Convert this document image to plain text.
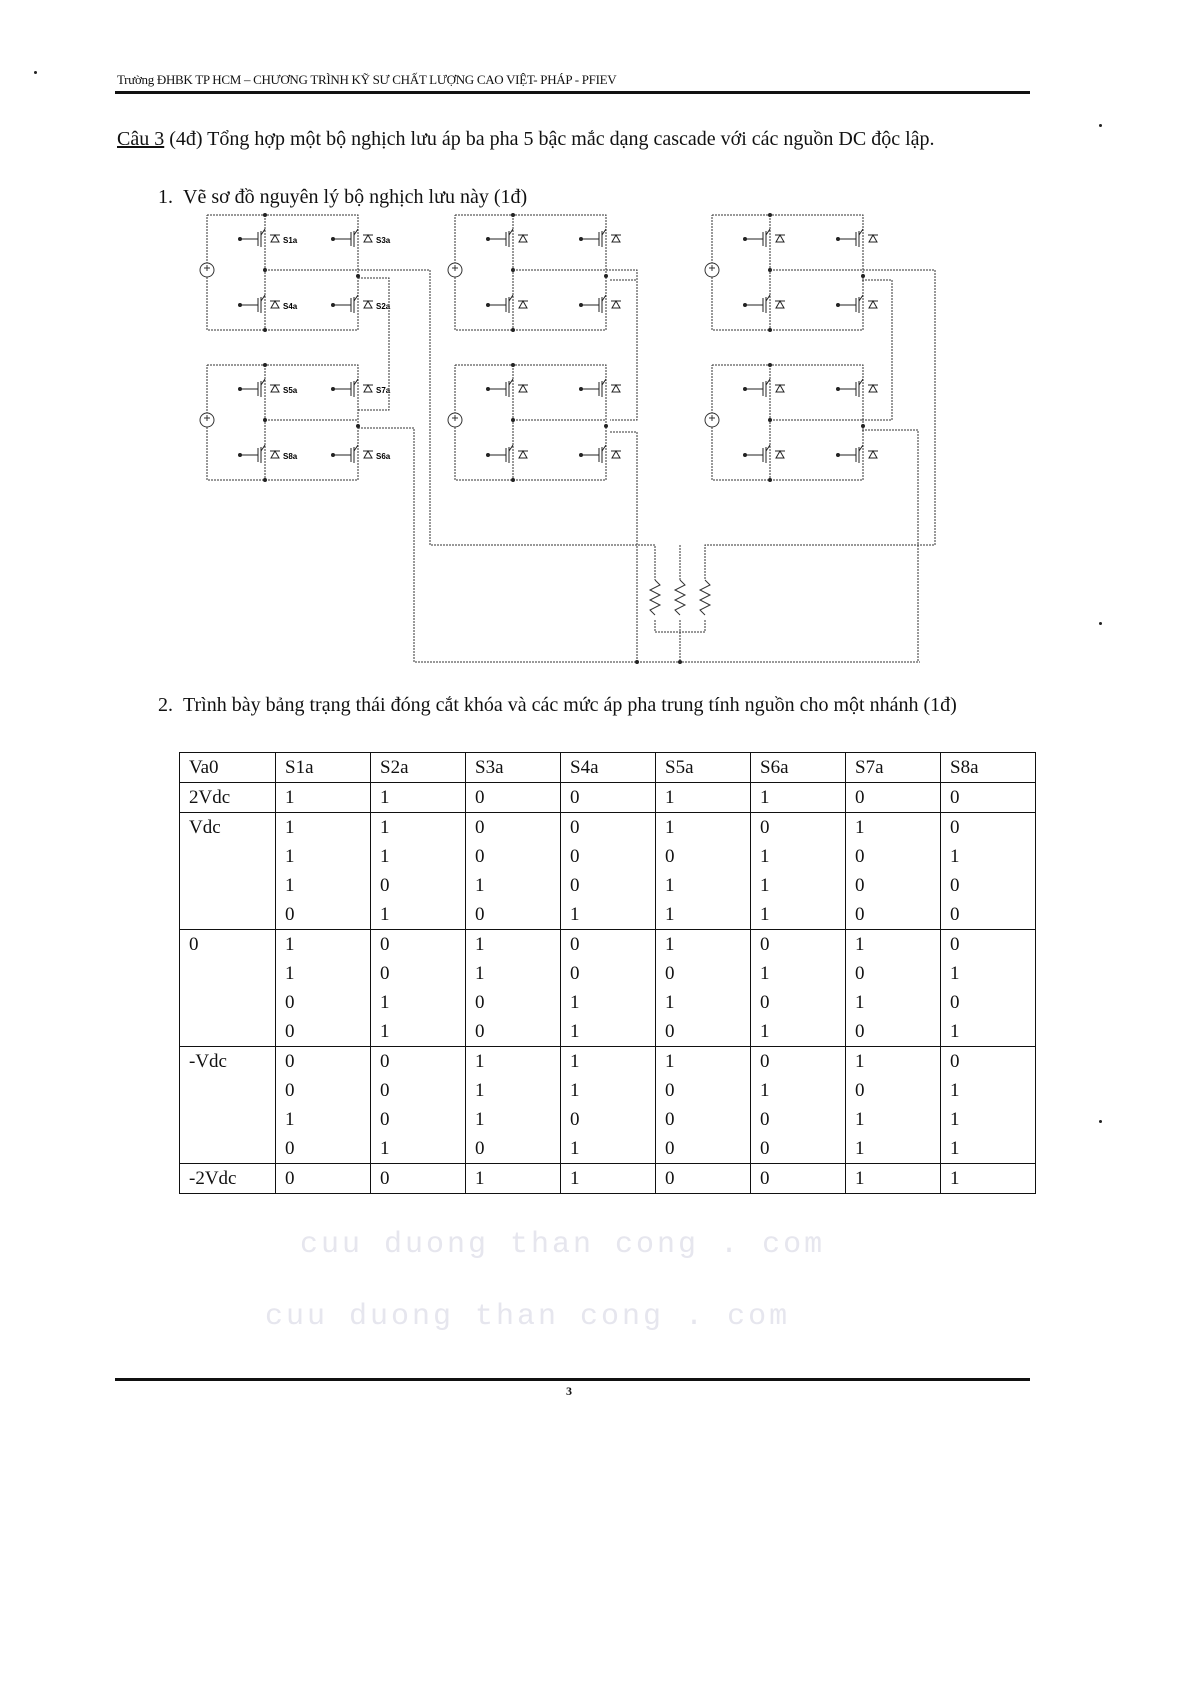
Trường ĐHBK TP HCM – CHƯƠNG TRÌNH KỸ SƯ CHẤT LƯỢNG CAO VIỆT- PHÁP - PFIEV
Câu 3 (4đ) Tổng hợp một bộ nghịch lưu áp ba pha 5 bậc mắc dạng cascade với các nguồn DC độc lập.
1. Vẽ sơ đồ nguyên lý bộ nghịch lưu này (1đ)
S1a	S3a
S4a	S2a
S5a	S7a
S8a	S6a
2. Trình bày bảng trạng thái đóng cắt khóa và các mức áp pha trung tính nguồn cho một nhánh (1đ)
Va0	S1a	S2a	S3a	S4a	S5a	S6a	S7a	S8a
2Vdc	1	1	0	0	1	1	0	0
Vdc	1	1	0	0	1	0	1	0
	1	1	0	0	0	1	0	1
	1	0	1	0	1	1	0	0
	0	1	0	1	1	1	0	0
0	1	0	1	0	1	0	1	0
	1	0	1	0	0	1	0	1
	0	1	0	1	1	0	1	0
	0	1	0	1	0	1	0	1
-Vdc	0	0	1	1	1	0	1	0
	0	0	1	1	0	1	0	1
	1	0	1	0	0	0	1	1
	0	1	0	1	0	0	1	1
-2Vdc	0	0	1	1	0	0	1	1
cuu duong than cong . com
cuu duong than cong . com
3
